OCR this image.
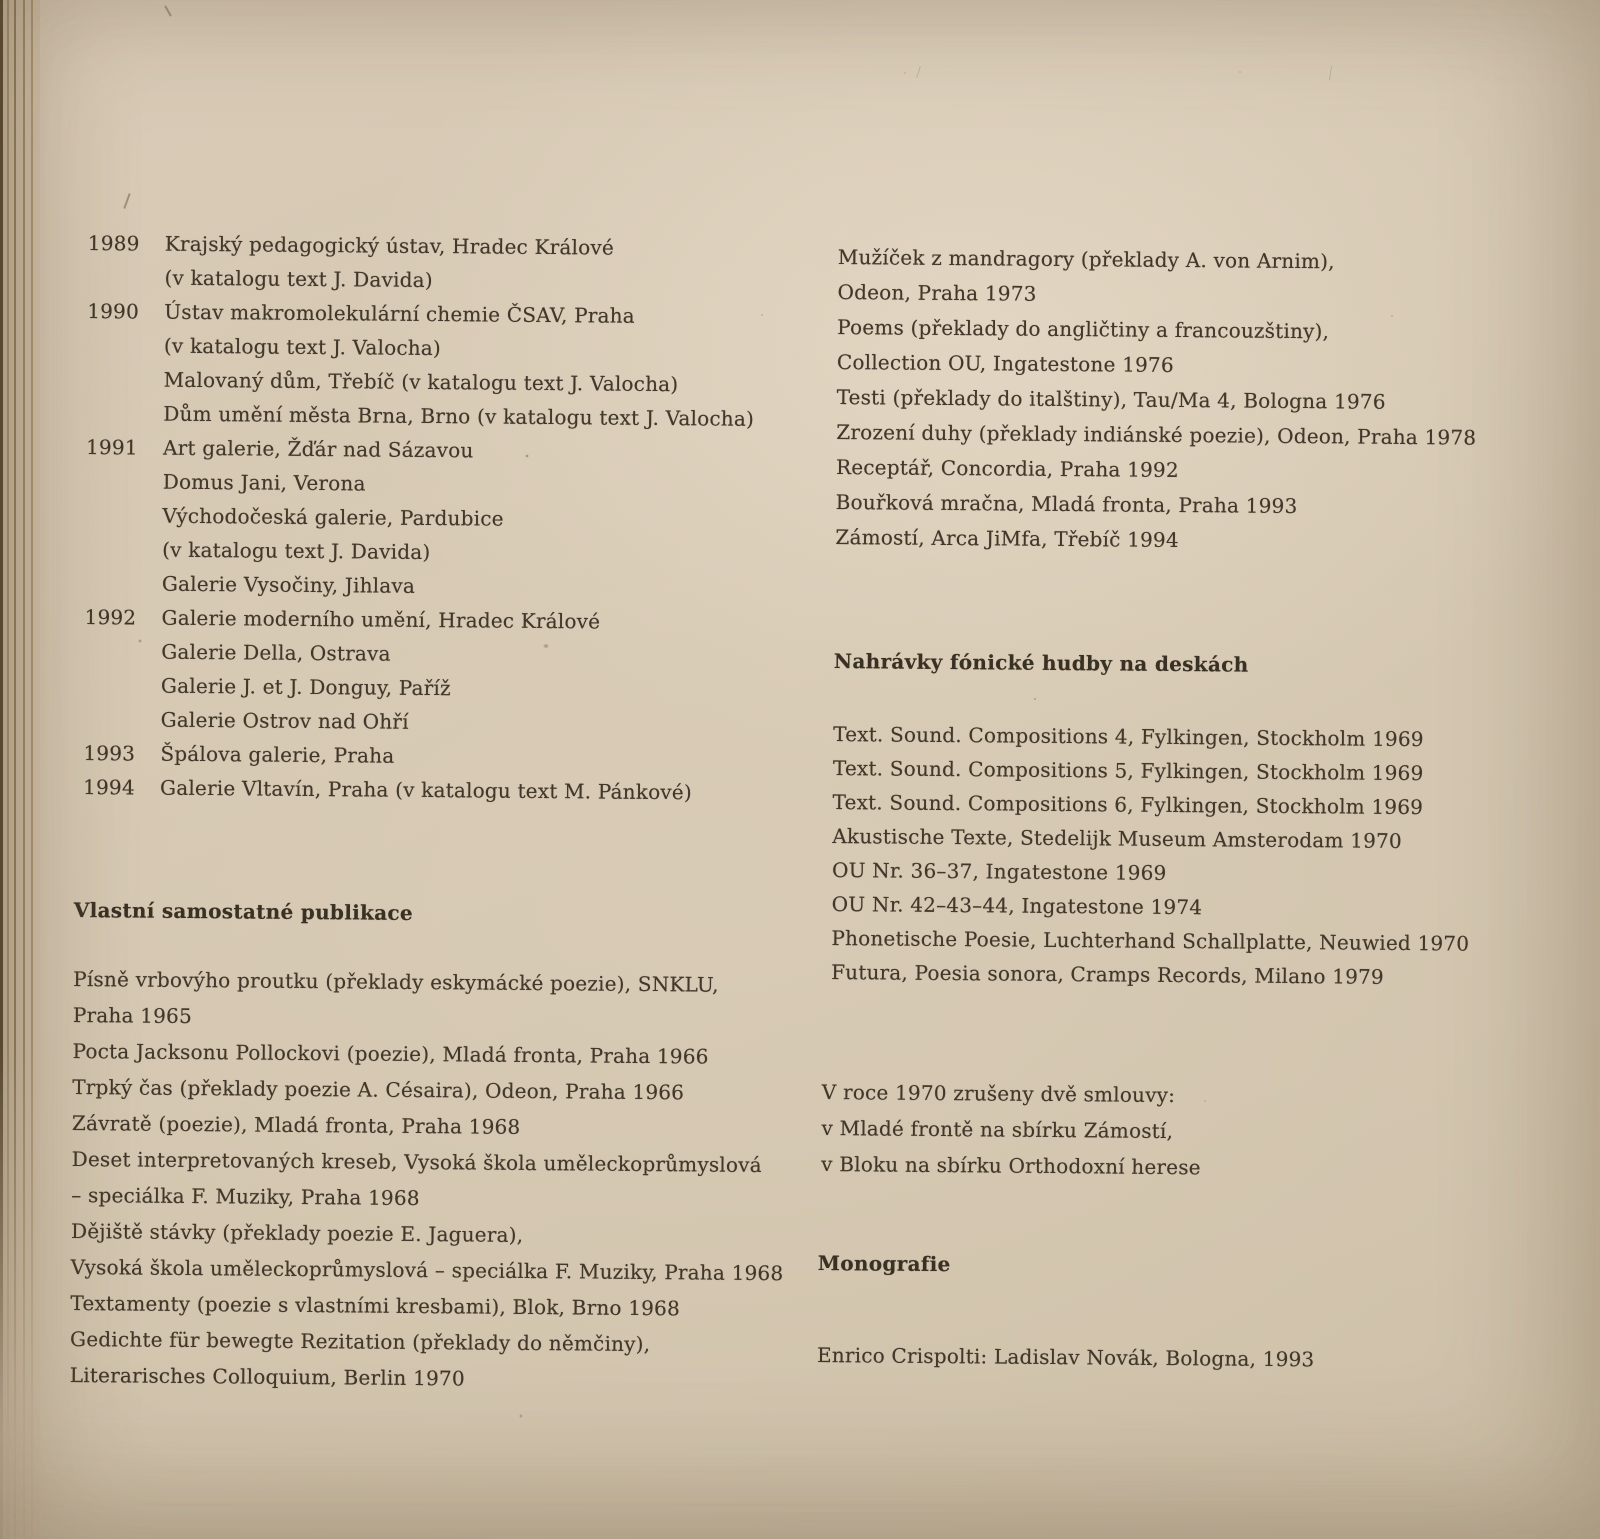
1989	Krajský pedagogický ústav, Hradec Králové
(v katalogu text J. Davida)
1990	Ústav makromolekulární chemie ČSAV, Praha
(v katalogu text J. Valocha)
Malovaný dům, Třebíč (v katalogu text J. Valocha)
Dům umění města Brna, Brno (v katalogu text J. Valocha)
1991	Art galerie, Žďár nad Sázavou
Domus Jani, Verona
Východočeská galerie, Pardubice
(v katalogu text J. Davida)
Galerie Vysočiny, Jihlava
1992	Galerie moderního umění, Hradec Králové
Galerie Della, Ostrava
Galerie J. et J. Donguy, Paříž
Galerie Ostrov nad Ohří
1993	Špálova galerie, Praha
1994	Galerie Vltavín, Praha (v katalogu text M. Pánkové)
Vlastní samostatné publikace
Písně vrbovýho proutku (překlady eskymácké poezie), SNKLU,
Praha 1965
Pocta Jacksonu Pollockovi (poezie), Mladá fronta, Praha 1966
Trpký čas (překlady poezie A. Césaira), Odeon, Praha 1966
Závratě (poezie), Mladá fronta, Praha 1968
Deset interpretovaných kreseb, Vysoká škola uměleckoprůmyslová
– speciálka F. Muziky, Praha 1968
Dějiště stávky (překlady poezie E. Jaguera),
Vysoká škola uměleckoprůmyslová – speciálka F. Muziky, Praha 1968
Textamenty (poezie s vlastními kresbami), Blok, Brno 1968
Gedichte für bewegte Rezitation (překlady do němčiny),
Literarisches Colloquium, Berlin 1970
Mužíček z mandragory (překlady A. von Arnim),
Odeon, Praha 1973
Poems (překlady do angličtiny a francouzštiny),
Collection OU, Ingatestone 1976
Testi (překlady do italštiny), Tau/Ma 4, Bologna 1976
Zrození duhy (překlady indiánské poezie), Odeon, Praha 1978
Receptář, Concordia, Praha 1992
Bouřková mračna, Mladá fronta, Praha 1993
Zámostí, Arca JiMfa, Třebíč 1994
Nahrávky fónické hudby na deskách
Text. Sound. Compositions 4, Fylkingen, Stockholm 1969
Text. Sound. Compositions 5, Fylkingen, Stockholm 1969
Text. Sound. Compositions 6, Fylkingen, Stockholm 1969
Akustische Texte, Stedelijk Museum Amsterodam 1970
OU Nr. 36–37, Ingatestone 1969
OU Nr. 42–43–44, Ingatestone 1974
Phonetische Poesie, Luchterhand Schallplatte, Neuwied 1970
Futura, Poesia sonora, Cramps Records, Milano 1979
V roce 1970 zrušeny dvě smlouvy:
v Mladé frontě na sbírku Zámostí,
v Bloku na sbírku Orthodoxní herese
Monografie
Enrico Crispolti: Ladislav Novák, Bologna, 1993
